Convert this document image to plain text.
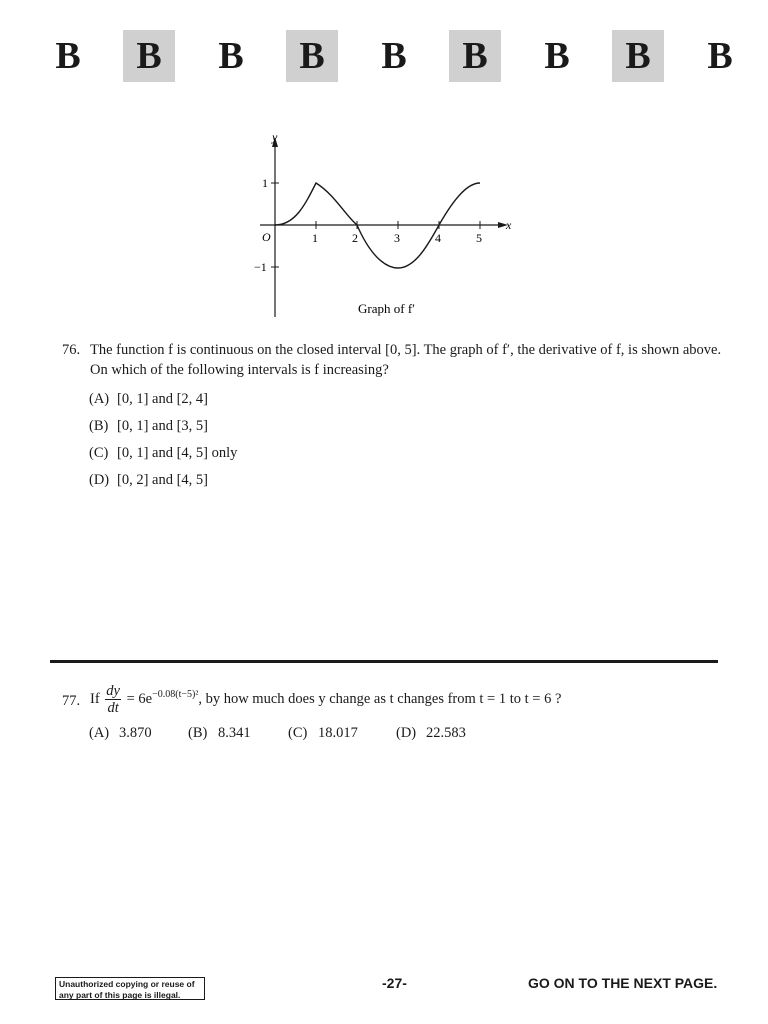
B	B	B	B	B	B	B	B	B
y
x
O	1	2	3	4	5
1
−1
Graph of f′
76. The function f is continuous on the closed interval [0, 5]. The graph of f′, the derivative of f, is shown above.
On which of the following intervals is f increasing?
(A) [0, 1] and [2, 4]
(B) [0, 1] and [3, 5]
(C) [0, 1] and [4, 5] only
(D) [0, 2] and [4, 5]
77. If $\frac{dy}{dt} = 6e^{-0.08(t-5)^2}$, by how much does y change as t changes from t = 1 to t = 6 ?
(A) 3.870	(B) 8.341	(C) 18.017	(D) 22.583
Unauthorized copying or reuse of
any part of this page is illegal.
-27-	GO ON TO THE NEXT PAGE.
